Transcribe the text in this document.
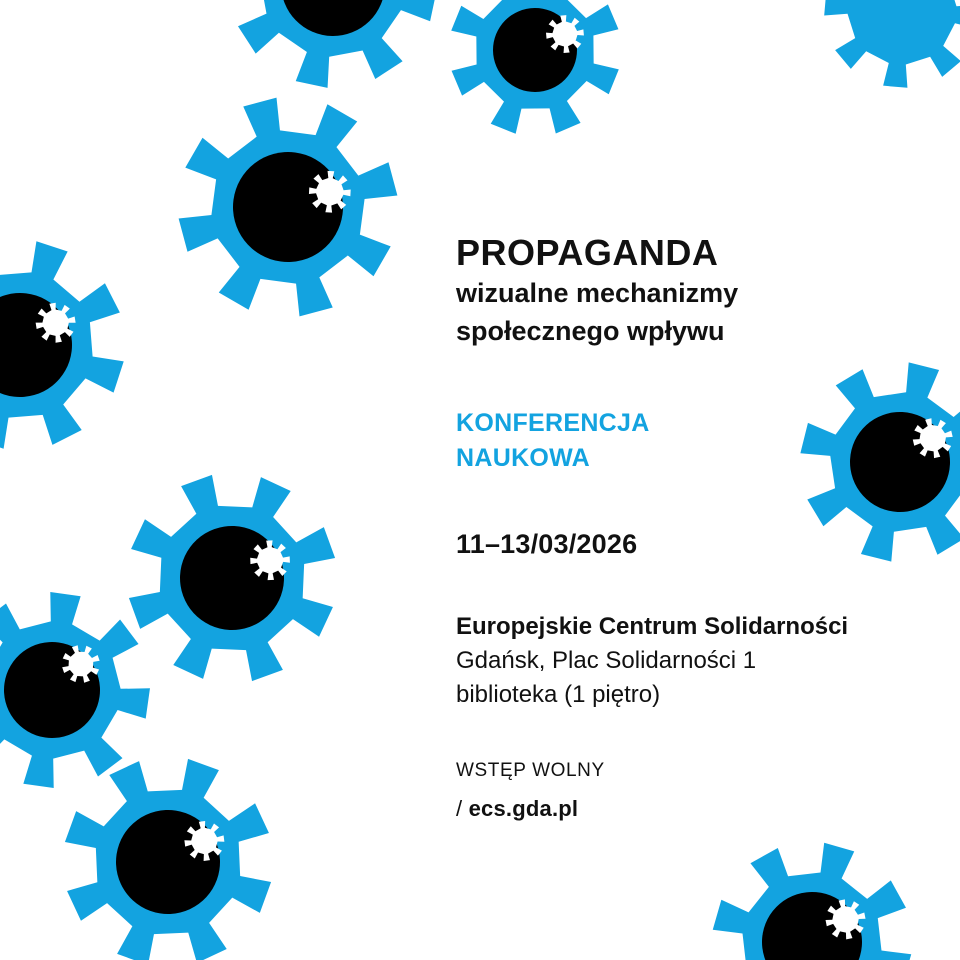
PROPAGANDA
wizualne mechanizmy
społecznego wpływu
KONFERENCJA
NAUKOWA
11–13/03/2026
Europejskie Centrum Solidarności
Gdańsk, Plac Solidarności 1
biblioteka (1 piętro)
WSTĘP WOLNY
/ ecs.gda.pl
